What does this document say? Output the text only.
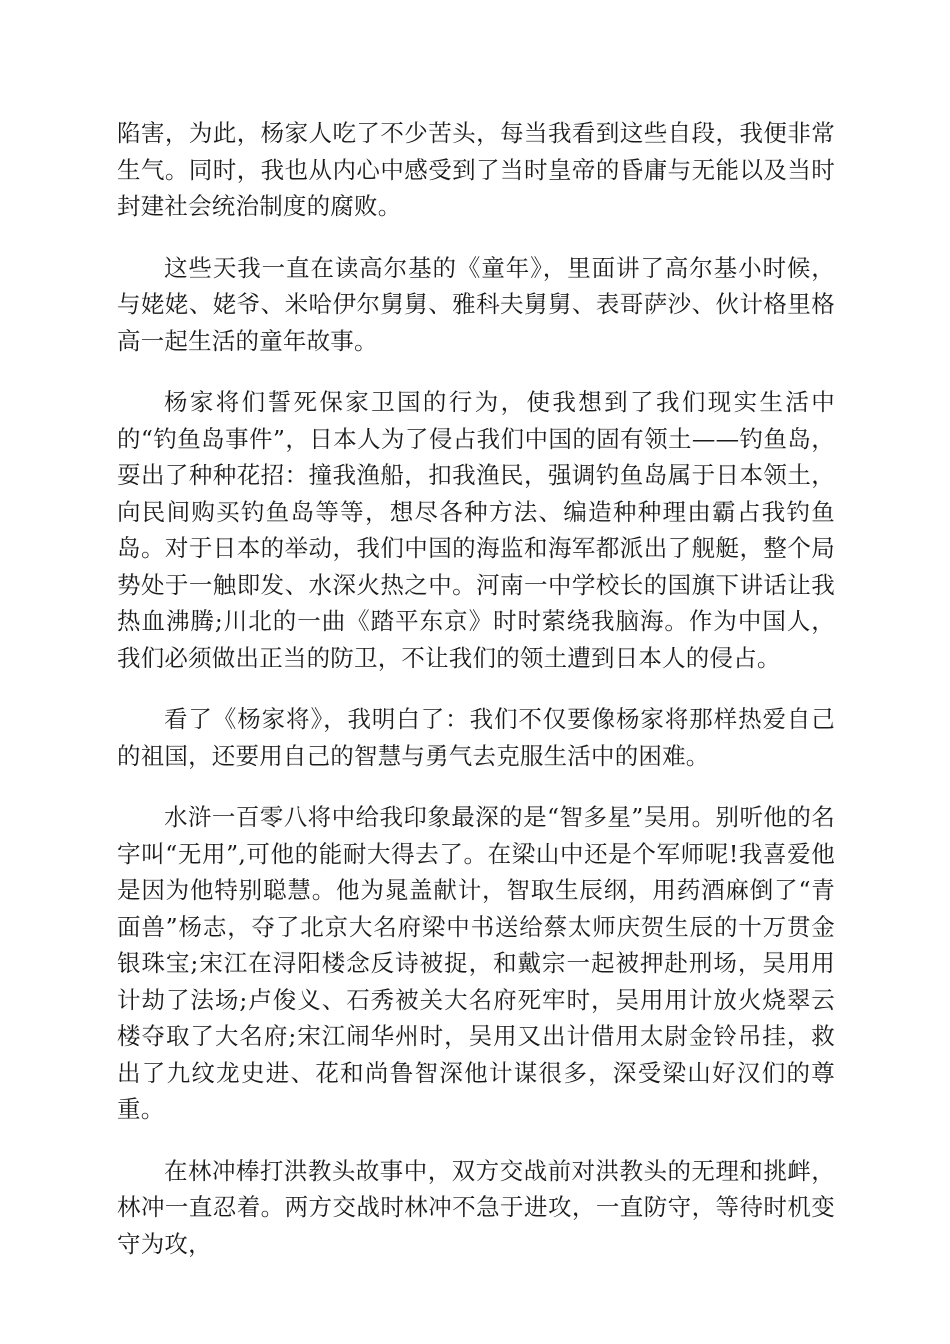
陷害，为此，杨家人吃了不少苦头，每当我看到这些自段，我便非常生气。同时，我也从内心中感受到了当时皇帝的昏庸与无能以及当时封建社会统治制度的腐败。

这些天我一直在读高尔基的《童年》，里面讲了高尔基小时候，与姥姥、姥爷、米哈伊尔舅舅、雅科夫舅舅、表哥萨沙、伙计格里格高一起生活的童年故事。

杨家将们誓死保家卫国的行为，使我想到了我们现实生活中的“钓鱼岛事件”，日本人为了侵占我们中国的固有领土——钓鱼岛，耍出了种种花招：撞我渔船，扣我渔民，强调钓鱼岛属于日本领土，向民间购买钓鱼岛等等，想尽各种方法、编造种种理由霸占我钓鱼岛。对于日本的举动，我们中国的海监和海军都派出了舰艇，整个局势处于一触即发、水深火热之中。河南一中学校长的国旗下讲话让我热血沸腾;川北的一曲《踏平东京》时时萦绕我脑海。作为中国人，我们必须做出正当的防卫，不让我们的领土遭到日本人的侵占。

看了《杨家将》，我明白了：我们不仅要像杨家将那样热爱自己的祖国，还要用自己的智慧与勇气去克服生活中的困难。

水浒一百零八将中给我印象最深的是“智多星”吴用。别听他的名字叫“无用”,可他的能耐大得去了。在梁山中还是个军师呢!我喜爱他是因为他特别聪慧。他为晁盖献计，智取生辰纲，用药酒麻倒了“青面兽”杨志，夺了北京大名府梁中书送给蔡太师庆贺生辰的十万贯金银珠宝;宋江在浔阳楼念反诗被捉，和戴宗一起被押赴刑场，吴用用计劫了法场;卢俊义、石秀被关大名府死牢时，吴用用计放火烧翠云楼夺取了大名府;宋江闹华州时，吴用又出计借用太尉金铃吊挂，救出了九纹龙史进、花和尚鲁智深他计谋很多，深受梁山好汉们的尊重。

在林冲棒打洪教头故事中，双方交战前对洪教头的无理和挑衅，林冲一直忍着。两方交战时林冲不急于进攻，一直防守，等待时机变守为攻，
